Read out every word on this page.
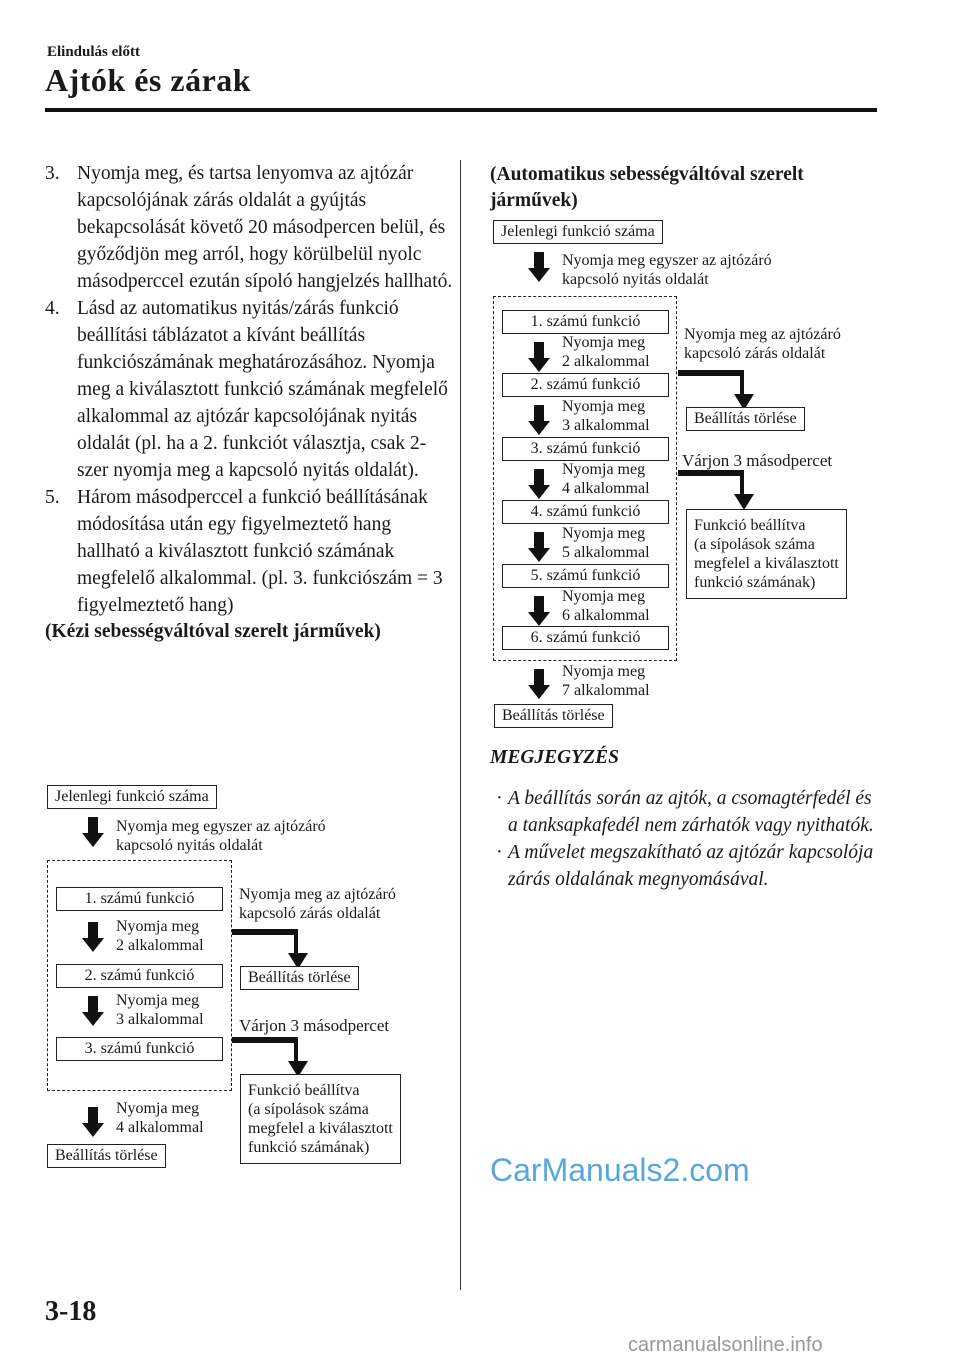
Elindulás előtt
Ajtók és zárak
3. Nyomja meg, és tartsa lenyomva az ajtózár kapcsolójának zárás oldalát a gyújtás bekapcsolását követő 20 másodpercen belül, és győződjön meg arról, hogy körülbelül nyolc másodperccel ezután sípoló hangjelzés hallható.
4. Lásd az automatikus nyitás/zárás funkció beállítási táblázatot a kívánt beállítás funkciószámának meghatározásához. Nyomja meg a kiválasztott funkció számának megfelelő alkalommal az ajtózár kapcsolójának nyitás oldalát (pl. ha a 2. funkciót választja, csak 2-szer nyomja meg a kapcsoló nyitás oldalát).
5. Három másodperccel a funkció beállításának módosítása után egy figyelmeztető hang hallható a kiválasztott funkció számának megfelelő alkalommal. (pl. 3. funkciószám = 3 figyelmeztető hang)
(Kézi sebességváltóval szerelt járművek)
Jelenlegi funkció száma
Nyomja meg egyszer az ajtózáró
kapcsoló nyitás oldalát
1. számú funkció
Nyomja meg
2 alkalommal
2. számú funkció
Nyomja meg
3 alkalommal
3. számú funkció
Nyomja meg
4 alkalommal
Beállítás törlése
Nyomja meg az ajtózáró
kapcsoló zárás oldalát
Beállítás törlése
Várjon 3 másodpercet
Funkció beállítva
(a sípolások száma
megfelel a kiválasztott
funkció számának)
(Automatikus sebességváltóval szerelt
járművek)
Jelenlegi funkció száma
Nyomja meg egyszer az ajtózáró
kapcsoló nyitás oldalát
1. számú funkció
Nyomja meg
2 alkalommal
2. számú funkció
Nyomja meg
3 alkalommal
3. számú funkció
Nyomja meg
4 alkalommal
4. számú funkció
Nyomja meg
5 alkalommal
5. számú funkció
Nyomja meg
6 alkalommal
6. számú funkció
Nyomja meg
7 alkalommal
Beállítás törlése
Nyomja meg az ajtózáró
kapcsoló zárás oldalát
Beállítás törlése
Várjon 3 másodpercet
Funkció beállítva
(a sípolások száma
megfelel a kiválasztott
funkció számának)
MEGJEGYZÉS
· A beállítás során az ajtók, a csomagtérfedél és a tanksapkafedél nem zárhatók vagy nyithatók.
· A művelet megszakítható az ajtózár kapcsolója zárás oldalának megnyomásával.
CarManuals2.com
3-18
carmanualsonline.info
